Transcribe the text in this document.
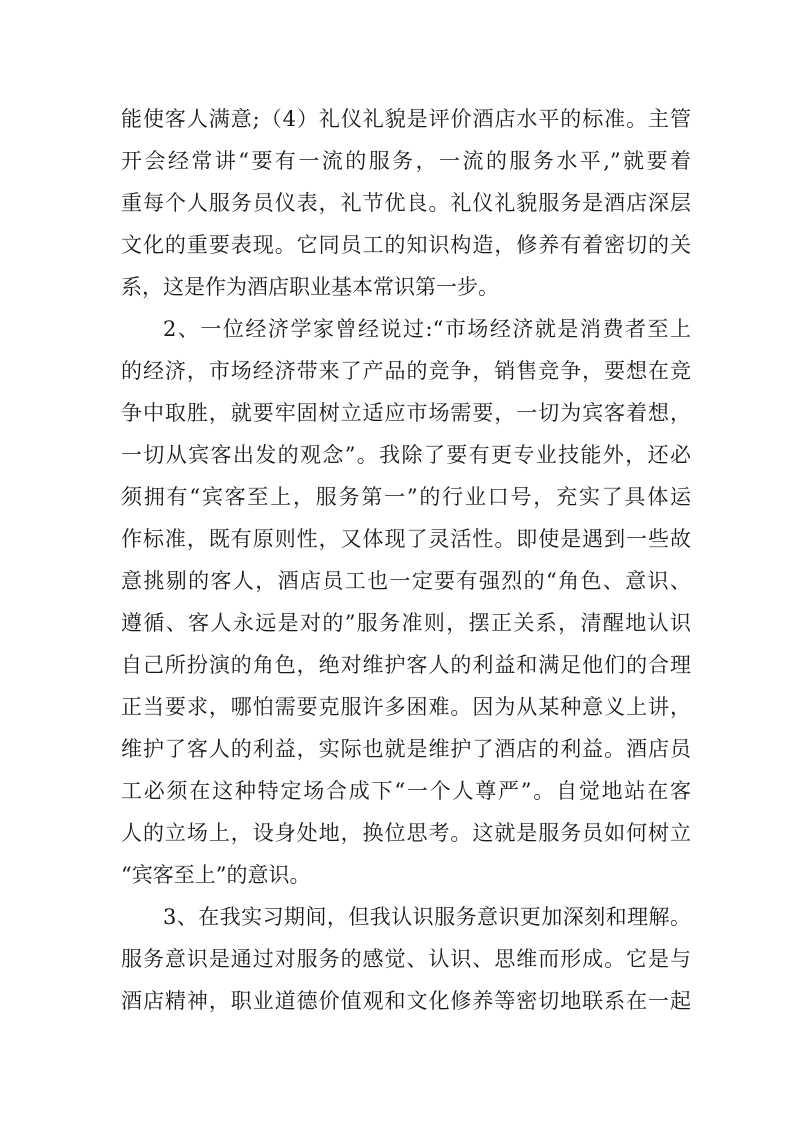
能使客人满意;（4）礼仪礼貌是评价酒店水平的标准。主管
开会经常讲“要有一流的服务，一流的服务水平,”就要着
重每个人服务员仪表，礼节优良。礼仪礼貌服务是酒店深层
文化的重要表现。它同员工的知识构造，修养有着密切的关
系，这是作为酒店职业基本常识第一步。
2、一位经济学家曾经说过:“市场经济就是消费者至上
的经济，市场经济带来了产品的竞争，销售竞争，要想在竞
争中取胜，就要牢固树立适应市场需要，一切为宾客着想，
一切从宾客出发的观念”。我除了要有更专业技能外，还必
须拥有“宾客至上，服务第一”的行业口号，充实了具体运
作标准，既有原则性，又体现了灵活性。即使是遇到一些故
意挑剔的客人，酒店员工也一定要有强烈的“角色、意识、
遵循、客人永远是对的”服务准则，摆正关系，清醒地认识
自己所扮演的角色，绝对维护客人的利益和满足他们的合理
正当要求，哪怕需要克服许多困难。因为从某种意义上讲，
维护了客人的利益，实际也就是维护了酒店的利益。酒店员
工必须在这种特定场合成下“一个人尊严”。自觉地站在客
人的立场上，设身处地，换位思考。这就是服务员如何树立
“宾客至上”的意识。
3、在我实习期间，但我认识服务意识更加深刻和理解。
服务意识是通过对服务的感觉、认识、思维而形成。它是与
酒店精神，职业道德价值观和文化修养等密切地联系在一起
